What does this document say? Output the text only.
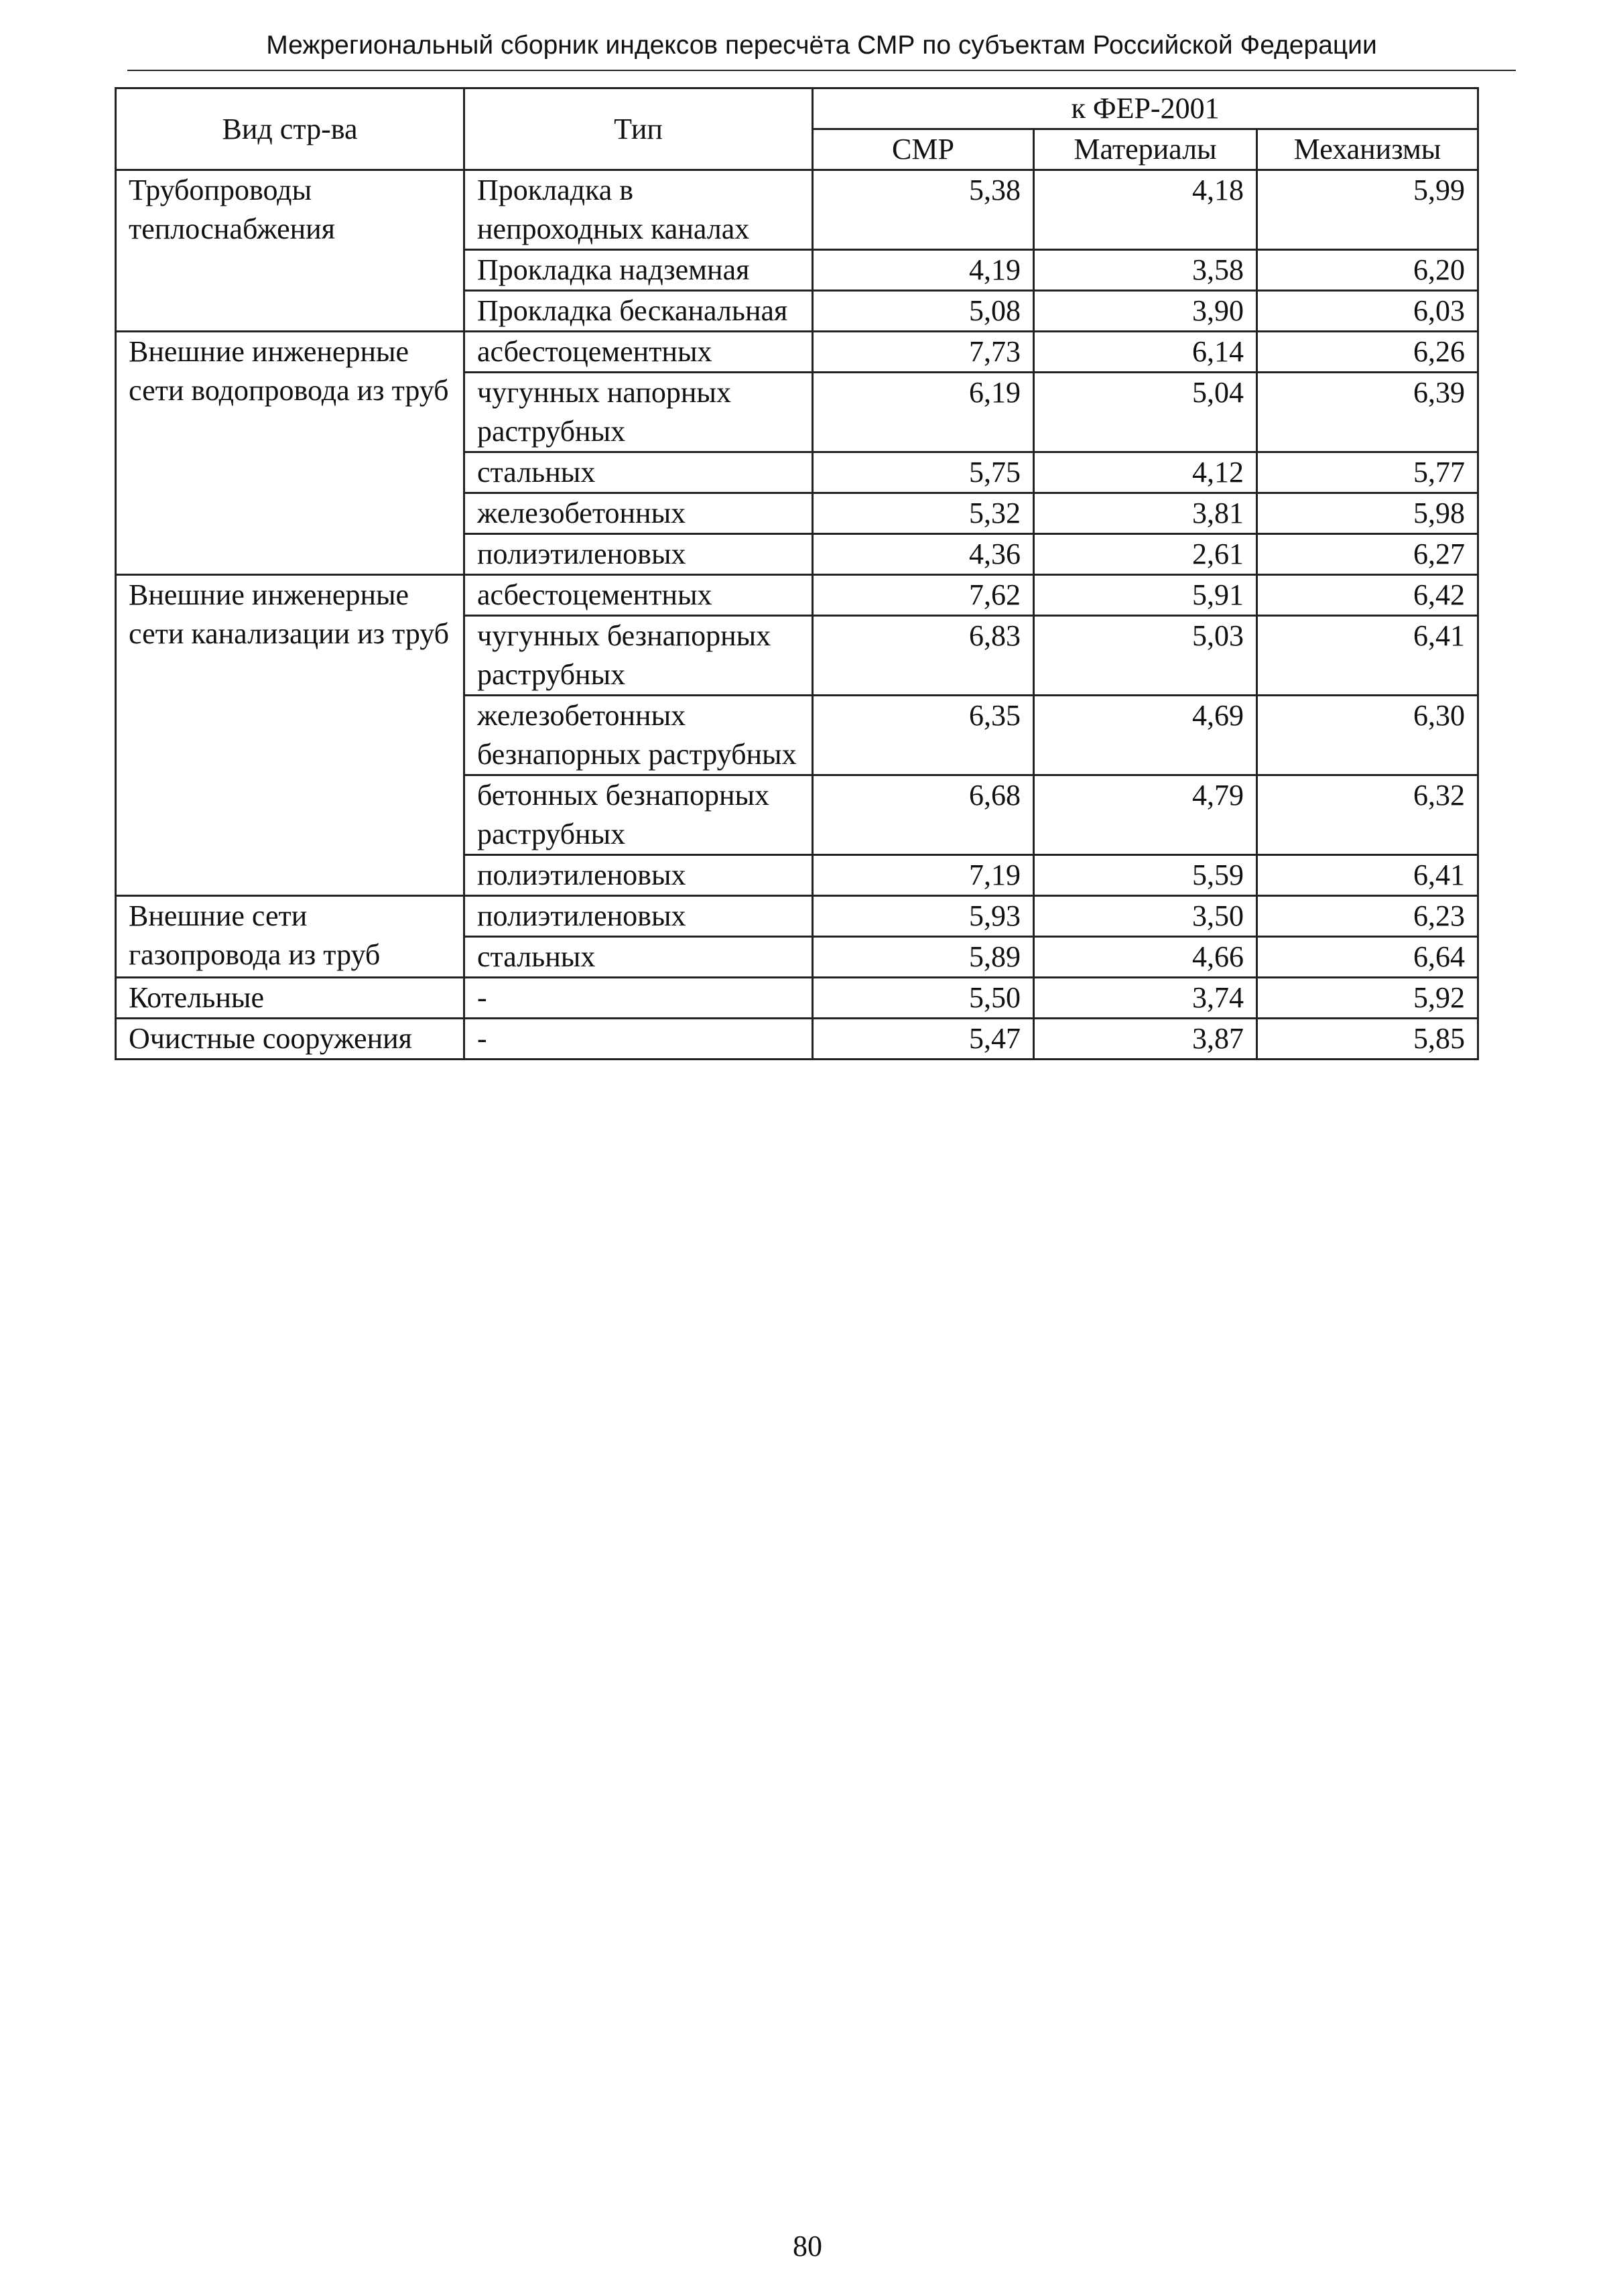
Межрегиональный сборник индексов пересчёта СМР по субъектам Российской Федерации
Вид стр-ва	Тип	к ФЕР-2001		
		СМР	Материалы	Механизмы
Трубопроводы теплоснабжения	Прокладка в непроходных каналах	5,38	4,18	5,99
	Прокладка надземная	4,19	3,58	6,20
	Прокладка бесканальная	5,08	3,90	6,03
Внешние инженерные сети водопровода из труб	асбестоцементных	7,73	6,14	6,26
	чугунных напорных раструбных	6,19	5,04	6,39
	стальных	5,75	4,12	5,77
	железобетонных	5,32	3,81	5,98
	полиэтиленовых	4,36	2,61	6,27
Внешние инженерные сети канализации из труб	асбестоцементных	7,62	5,91	6,42
	чугунных безнапорных раструбных	6,83	5,03	6,41
	железобетонных безнапорных раструбных	6,35	4,69	6,30
	бетонных безнапорных раструбных	6,68	4,79	6,32
	полиэтиленовых	7,19	5,59	6,41
Внешние сети газопровода из труб	полиэтиленовых	5,93	3,50	6,23
	стальных	5,89	4,66	6,64
Котельные	-	5,50	3,74	5,92
Очистные сооружения	-	5,47	3,87	5,85
80
